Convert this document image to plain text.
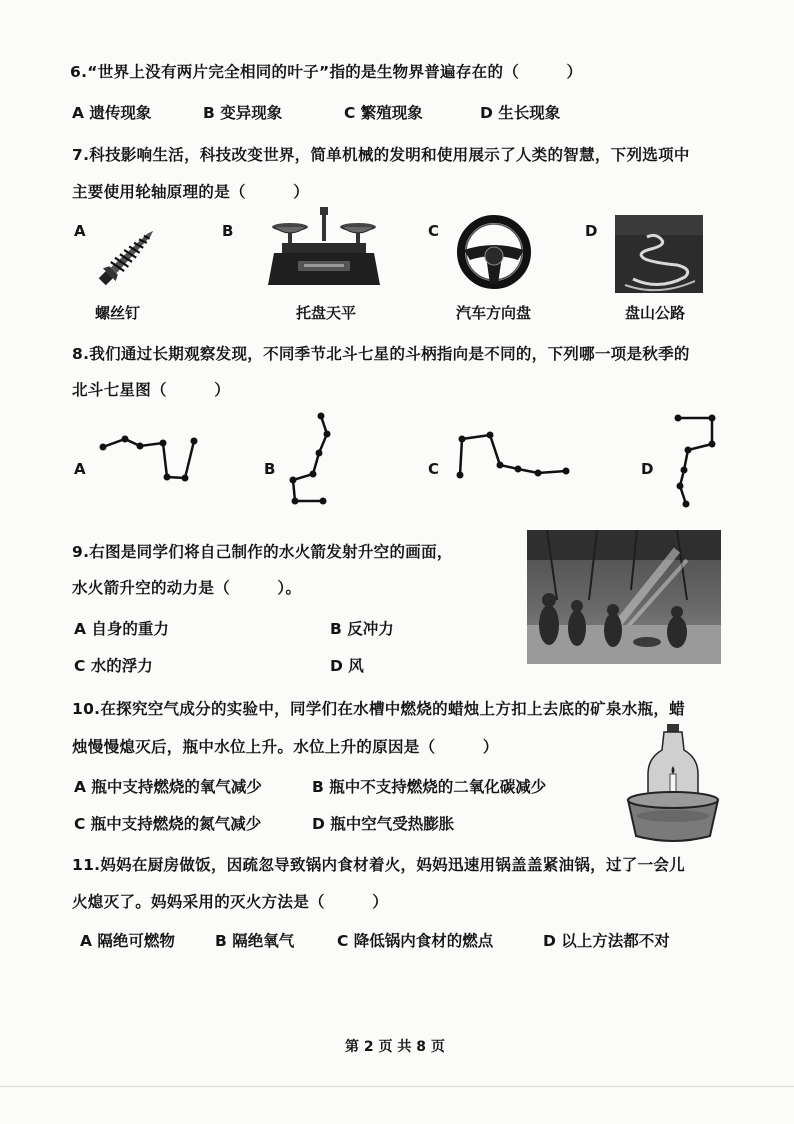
6.“世界上没有两片完全相同的叶子”指的是生物界普遍存在的（　　　）
A 遗传现象	B 变异现象	C 繁殖现象	D 生长现象
7.科技影响生活，科技改变世界，简单机械的发明和使用展示了人类的智慧，下列选项中
主要使用轮轴原理的是（　　　）
A	B	C	D
螺丝钉	托盘天平	汽车方向盘	盘山公路
8.我们通过长期观察发现，不同季节北斗七星的斗柄指向是不同的，下列哪一项是秋季的
北斗七星图（　　　）
A	B	C	D
9.右图是同学们将自己制作的水火箭发射升空的画面，
水火箭升空的动力是（　　　）。
A 自身的重力	B 反冲力
C 水的浮力	D 风
10.在探究空气成分的实验中，同学们在水槽中燃烧的蜡烛上方扣上去底的矿泉水瓶，蜡
烛慢慢熄灭后，瓶中水位上升。水位上升的原因是（　　　）
A 瓶中支持燃烧的氧气减少	B 瓶中不支持燃烧的二氧化碳减少
C 瓶中支持燃烧的氮气减少	D 瓶中空气受热膨胀
11.妈妈在厨房做饭，因疏忽导致锅内食材着火，妈妈迅速用锅盖盖紧油锅，过了一会儿
火熄灭了。妈妈采用的灭火方法是（　　　）
A 隔绝可燃物	B 隔绝氧气	C 降低锅内食材的燃点	D 以上方法都不对
第 2 页 共 8 页
